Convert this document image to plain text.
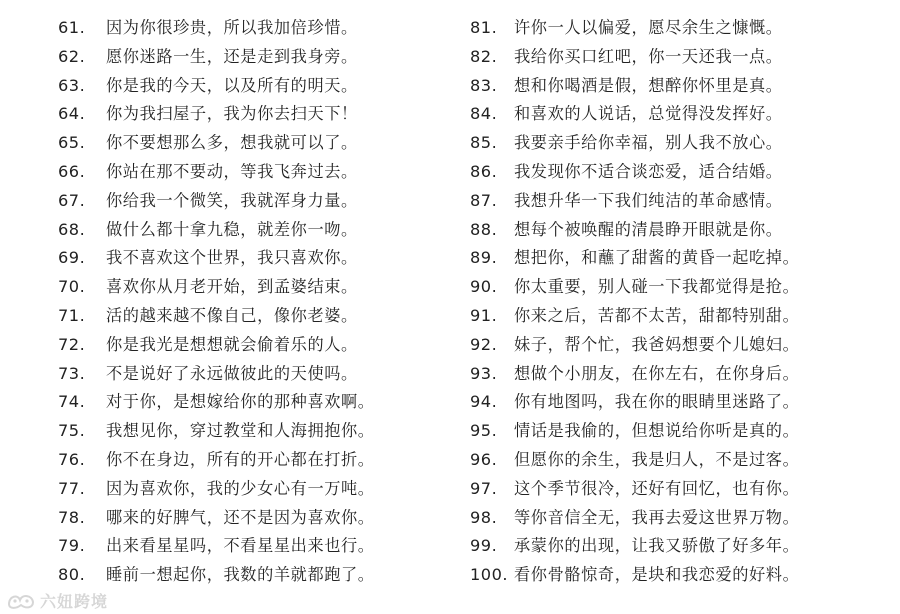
61.	因为你很珍贵，所以我加倍珍惜。
62.	愿你迷路一生，还是走到我身旁。
63.	你是我的今天，以及所有的明天。
64.	你为我扫屋子，我为你去扫天下！
65.	你不要想那么多，想我就可以了。
66.	你站在那不要动，等我飞奔过去。
67.	你给我一个微笑，我就浑身力量。
68.	做什么都十拿九稳，就差你一吻。
69.	我不喜欢这个世界，我只喜欢你。
70.	喜欢你从月老开始，到孟婆结束。
71.	活的越来越不像自己，像你老婆。
72.	你是我光是想想就会偷着乐的人。
73.	不是说好了永远做彼此的天使吗。
74.	对于你，是想嫁给你的那种喜欢啊。
75.	我想见你，穿过教堂和人海拥抱你。
76.	你不在身边，所有的开心都在打折。
77.	因为喜欢你，我的少女心有一万吨。
78.	哪来的好脾气，还不是因为喜欢你。
79.	出来看星星吗，不看星星出来也行。
80.	睡前一想起你，我数的羊就都跑了。
81.	许你一人以偏爱，愿尽余生之慷慨。
82.	我给你买口红吧，你一天还我一点。
83.	想和你喝酒是假，想醉你怀里是真。
84.	和喜欢的人说话，总觉得没发挥好。
85.	我要亲手给你幸福，别人我不放心。
86.	我发现你不适合谈恋爱，适合结婚。
87.	我想升华一下我们纯洁的革命感情。
88.	想每个被唤醒的清晨睁开眼就是你。
89.	想把你，和蘸了甜酱的黄昏一起吃掉。
90.	你太重要，别人碰一下我都觉得是抢。
91.	你来之后，苦都不太苦，甜都特别甜。
92.	妹子，帮个忙，我爸妈想要个儿媳妇。
93.	想做个小朋友，在你左右，在你身后。
94.	你有地图吗，我在你的眼睛里迷路了。
95.	情话是我偷的，但想说给你听是真的。
96.	但愿你的余生，我是归人，不是过客。
97.	这个季节很冷，还好有回忆，也有你。
98.	等你音信全无，我再去爱这世界万物。
99.	承蒙你的出现，让我又骄傲了好多年。
100. 看你骨骼惊奇，是块和我恋爱的好料。
六妞跨境
